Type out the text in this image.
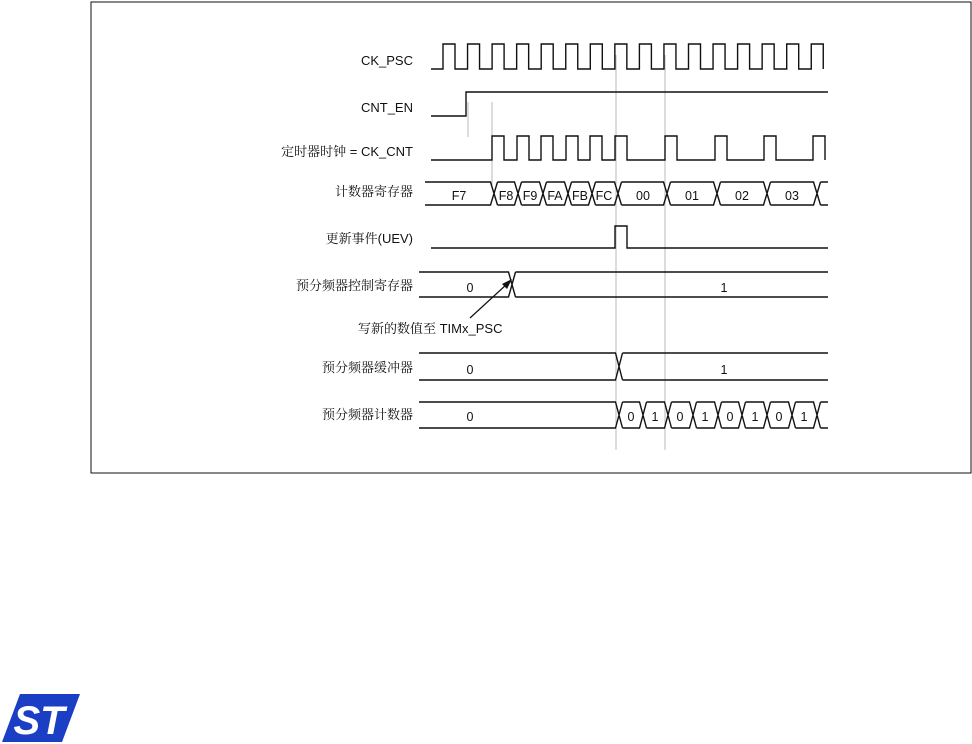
CK_PSC
CNT_EN
定时器时钟 = CK_CNT
计数器寄存器
更新事件(UEV)
预分频器控制寄存器
预分频器缓冲器
预分频器计数器
F7	F8 F9 FA FB FC 00	01	02	03
0	1
0	1
0	0 1 0 1 0 1 0 1
写新的数值至 TIMx_PSC
ST
